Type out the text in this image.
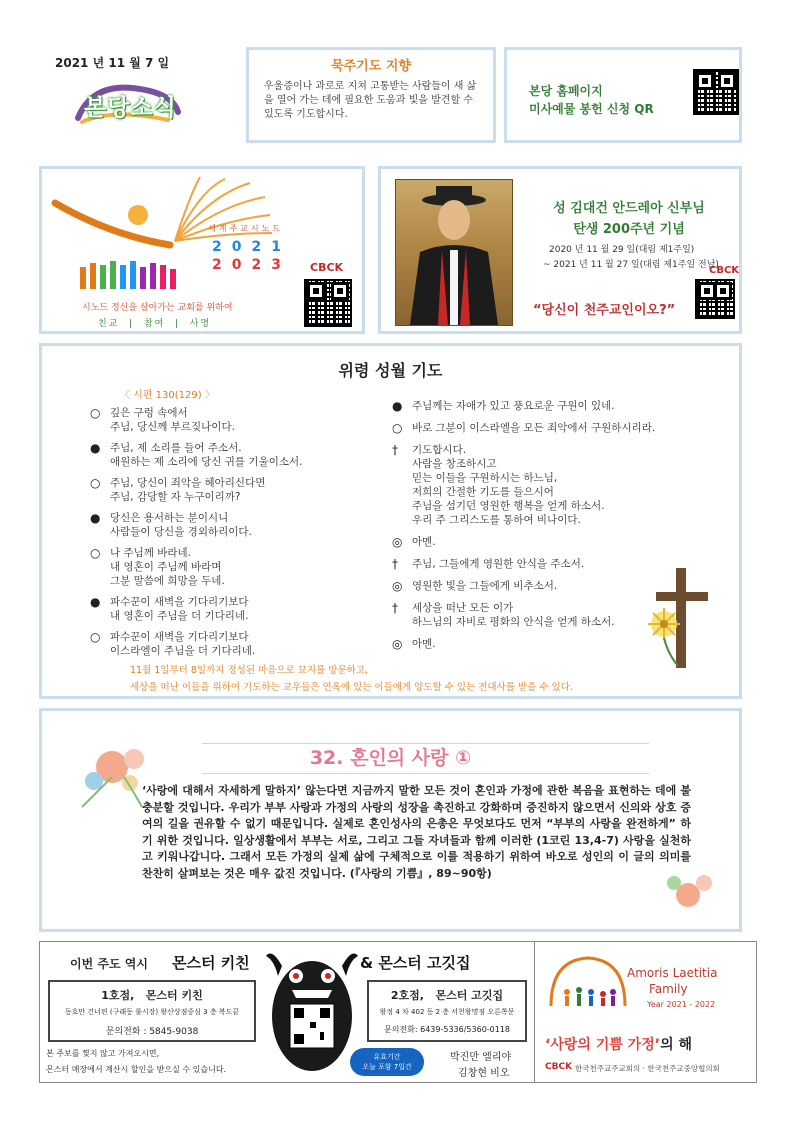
2021 년 11 월 7 일
본당소식
묵주기도 지향
우울증이나 과로로 지쳐 고통받는 사람들이 새 삶을 열어 가는 데에 필요한 도움과 빛을 발견할 수 있도록 기도합시다.
본당 홈페이지
미사예물 봉헌 신청 QR
세계주교시노드
2021
2023
시노드 정신을 살아가는 교회를 위하여
친교  |  참여  |  사명
CBCK
성 김대건 안드레아 신부님
탄생 200주년 기념
2020 년 11 월 29 일(대림 제1주일)
~ 2021 년 11 월 27 일(대림 제1주일 전날)
CBCK
“당신이 천주교인이오?”
위령 성월 기도
〈 시편 130(129) 〉
○ 깊은 구렁 속에서
주님, 당신께 부르짖나이다.
● 주님, 제 소리를 들어 주소서.
애원하는 제 소리에 당신 귀를 기울이소서.
○ 주님, 당신이 죄악을 헤아리신다면
주님, 감당할 자 누구이리까?
● 당신은 용서하는 분이시니
사람들이 당신을 경외하리이다.
○ 나 주님께 바라네.
내 영혼이 주님께 바라며
그분 말씀에 희망을 두네.
● 파수꾼이 새벽을 기다리기보다
내 영혼이 주님을 더 기다리네.
○ 파수꾼이 새벽을 기다리기보다
이스라엘이 주님을 더 기다리네.
● 주님께는 자애가 있고 풍요로운 구원이 있네.
○ 바로 그분이 이스라엘을 모든 죄악에서 구원하시리라.
†	기도합시다.
사람을 창조하시고
믿는 이들을 구원하시는 하느님,
저희의 간절한 기도를 들으시어
주님을 섬기던 영원한 행복을 얻게 하소서.
우리 주 그리스도를 통하여 비나이다.
◎ 아멘.
†	주님, 그들에게 영원한 안식을 주소서.
◎ 영원한 빛을 그들에게 비추소서.
†	세상을 떠난 모든 이가
하느님의 자비로 평화의 안식을 얻게 하소서.
◎ 아멘.
11월 1일부터 8일까지 정성된 마음으로 묘지를 방문하고,
세상을 떠난 이들을 위하여 기도하는 교우들은 연옥에 있는 이들에게 양도할 수 있는 전대사를 받을 수 있다.
32. 혼인의 사랑 ①
‘사랑에 대해서 자세하게 말하지’ 않는다면 지금까지 말한 모든 것이 혼인과 가정에 관한 복음을 표현하는 데에 불충분할 것입니다. 우리가 부부 사랑과 가정의 사랑의 성장을 촉진하고 강화하며 증진하지 않으면서 신의와 상호 증여의 길을 권유할 수 없기 때문입니다. 실제로 혼인성사의 은총은 무엇보다도 먼저 “부부의 사랑을 완전하게” 하기 위한 것입니다. 일상생활에서 부부는 서로, 그리고 그들 자녀들과 함께 이러한 (1코린 13,4-7) 사랑을 실천하고 키워나갑니다. 그래서 모든 가정의 실제 삶에 구체적으로 이를 적용하기 위하여 바오로 성인의 이 글의 의미를 찬찬히 살펴보는 것은 매우 값진 것입니다. (『사랑의 기쁨』, 89~90항)
이번 주도 역시 몬스터 키친	& 몬스터 고깃집
1호점,   몬스터 키친
동호만 건너편 (구래동 룰시장) 왕산상점중심 3 층 복도끝
문의전화 : 5845-9038
2호점,   몬스터 고깃집
왕정 4 차 402 동 2 층 서천왕명점 오른쪽문
문의전화: 6439-5336/5360-0118
본 주보를 찢지 않고 가져오시면,
몬스터 매장에서 계산시 할인을 받으실 수 있습니다.
유효기간
오늘 포함 7일간
박진만 엘리야
김창현 비오
Amoris Laetitia
Family
Year 2021 - 2022
‘사랑의 기쁨 가정’의 해
CBCK 한국천주교주교회의 · 한국천주교중앙협의회
